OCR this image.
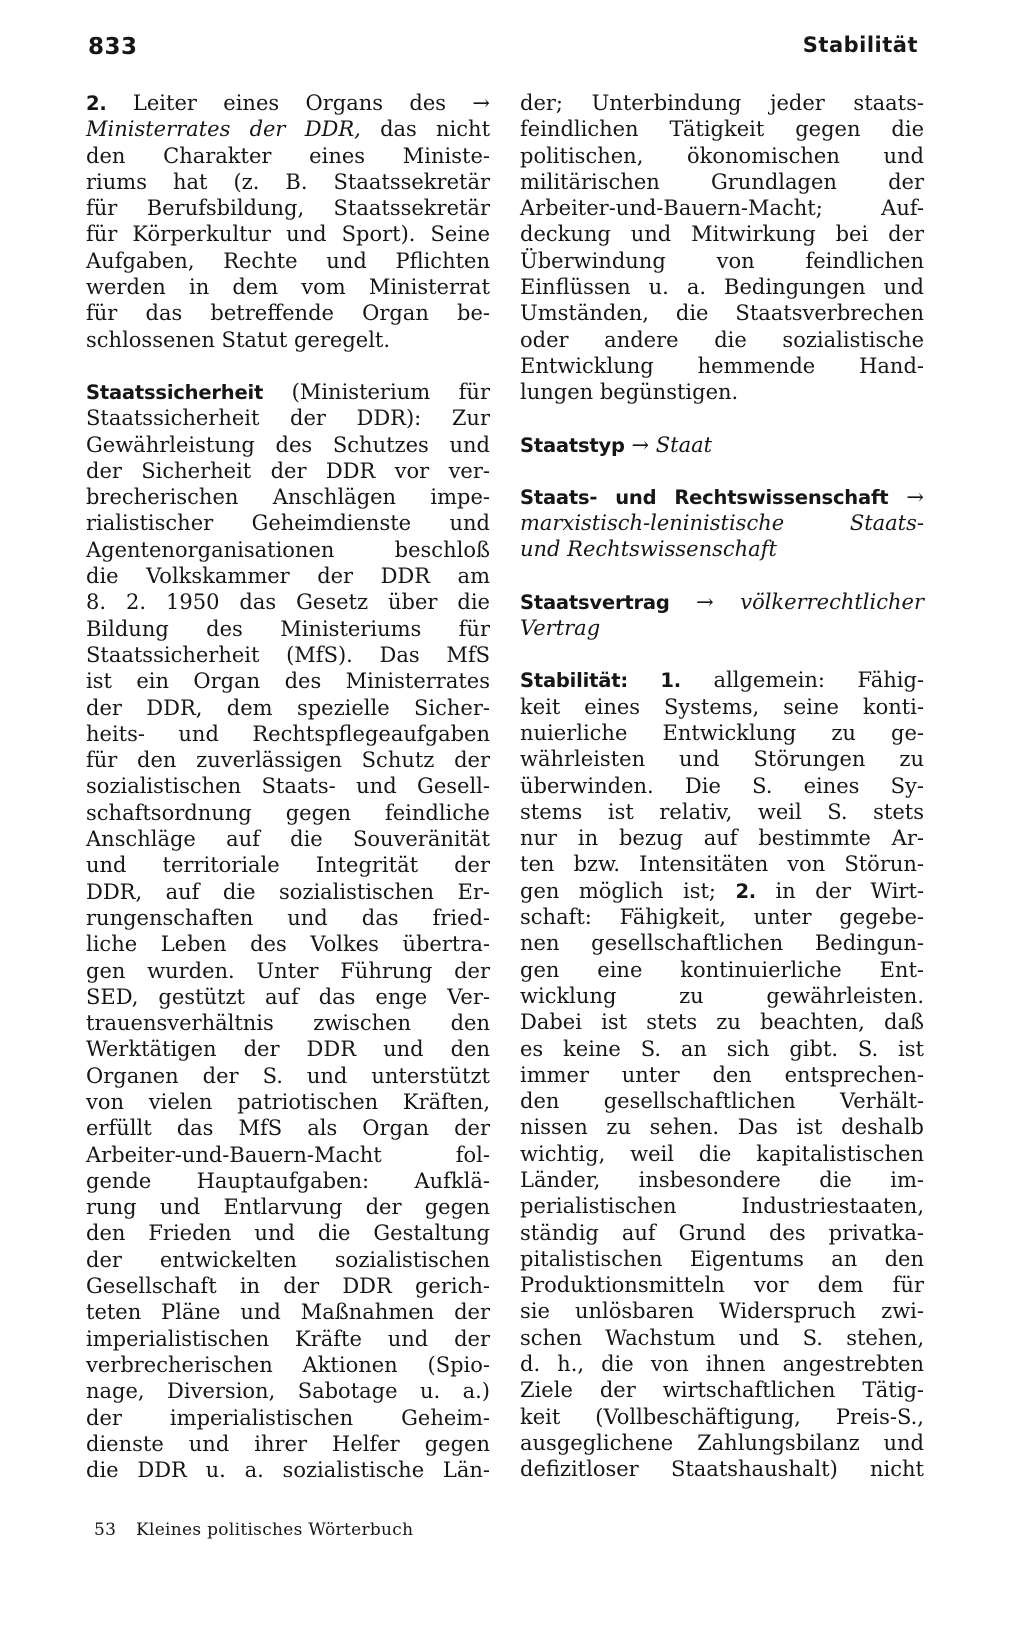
833	Stabilität
2. Leiter eines Organs des →
Ministerrates der DDR, das nicht
den Charakter eines Ministe-
riums hat (z. B. Staatssekretär
für Berufsbildung, Staatssekretär
für Körperkultur und Sport). Seine
Aufgaben, Rechte und Pflichten
werden in dem vom Ministerrat
für das betreffende Organ be-
schlossenen Statut geregelt.
Staatssicherheit (Ministerium für
Staatssicherheit der DDR): Zur
Gewährleistung des Schutzes und
der Sicherheit der DDR vor ver-
brecherischen Anschlägen impe-
rialistischer Geheimdienste und
Agentenorganisationen beschloß
die Volkskammer der DDR am
8. 2. 1950 das Gesetz über die
Bildung des Ministeriums für
Staatssicherheit (MfS). Das MfS
ist ein Organ des Ministerrates
der DDR, dem spezielle Sicher-
heits- und Rechtspflegeaufgaben
für den zuverlässigen Schutz der
sozialistischen Staats- und Gesell-
schaftsordnung gegen feindliche
Anschläge auf die Souveränität
und territoriale Integrität der
DDR, auf die sozialistischen Er-
rungenschaften und das fried-
liche Leben des Volkes übertra-
gen wurden. Unter Führung der
SED, gestützt auf das enge Ver-
trauensverhältnis zwischen den
Werktätigen der DDR und den
Organen der S. und unterstützt
von vielen patriotischen Kräften,
erfüllt das MfS als Organ der
Arbeiter-und-Bauern-Macht fol-
gende Hauptaufgaben: Aufklä-
rung und Entlarvung der gegen
den Frieden und die Gestaltung
der entwickelten sozialistischen
Gesellschaft in der DDR gerich-
teten Pläne und Maßnahmen der
imperialistischen Kräfte und der
verbrecherischen Aktionen (Spio-
nage, Diversion, Sabotage u. a.)
der imperialistischen Geheim-
dienste und ihrer Helfer gegen
die DDR u. a. sozialistische Län-
der; Unterbindung jeder staats-
feindlichen Tätigkeit gegen die
politischen, ökonomischen und
militärischen Grundlagen der
Arbeiter-und-Bauern-Macht; Auf-
deckung und Mitwirkung bei der
Überwindung von feindlichen
Einflüssen u. a. Bedingungen und
Umständen, die Staatsverbrechen
oder andere die sozialistische
Entwicklung hemmende Hand-
lungen begünstigen.
Staatstyp → Staat
Staats- und Rechtswissenschaft →
marxistisch-leninistische Staats-
und Rechtswissenschaft
Staatsvertrag → völkerrechtlicher
Vertrag
Stabilität: 1. allgemein: Fähig-
keit eines Systems, seine konti-
nuierliche Entwicklung zu ge-
währleisten und Störungen zu
überwinden. Die S. eines Sy-
stems ist relativ, weil S. stets
nur in bezug auf bestimmte Ar-
ten bzw. Intensitäten von Störun-
gen möglich ist; 2. in der Wirt-
schaft: Fähigkeit, unter gegebe-
nen gesellschaftlichen Bedingun-
gen eine kontinuierliche Ent-
wicklung zu gewährleisten.
Dabei ist stets zu beachten, daß
es keine S. an sich gibt. S. ist
immer unter den entsprechen-
den gesellschaftlichen Verhält-
nissen zu sehen. Das ist deshalb
wichtig, weil die kapitalistischen
Länder, insbesondere die im-
perialistischen Industriestaaten,
ständig auf Grund des privatka-
pitalistischen Eigentums an den
Produktionsmitteln vor dem für
sie unlösbaren Widerspruch zwi-
schen Wachstum und S. stehen,
d. h., die von ihnen angestrebten
Ziele der wirtschaftlichen Tätig-
keit (Vollbeschäftigung, Preis-S.,
ausgeglichene Zahlungsbilanz und
defizitloser Staatshaushalt) nicht
53 Kleines politisches Wörterbuch
